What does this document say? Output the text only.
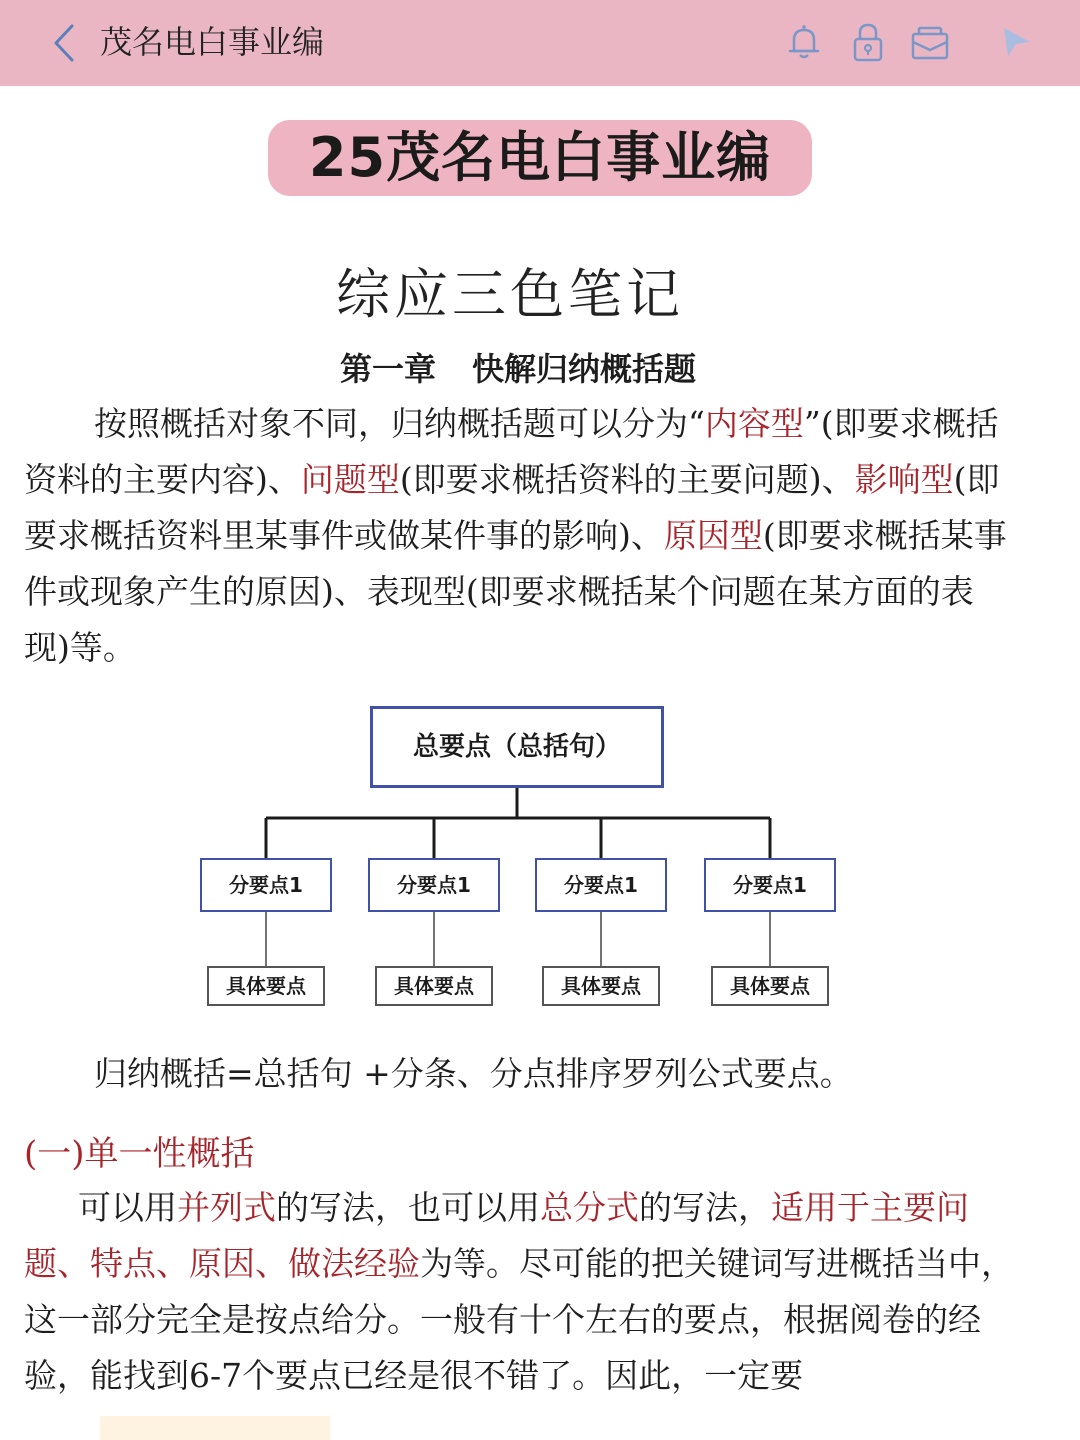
茂名电白事业编
25茂名电白事业编
综应三色笔记
第一章 快解归纳概括题
按照概括对象不同，归纳概括题可以分为“内容型”(即要求概括资料的主要内容)、问题型(即要求概括资料的主要问题)、影响型(即要求概括资料里某事件或做某件事的影响)、原因型(即要求概括某事件或现象产生的原因)、表现型(即要求概括某个问题在某方面的表现)等。
总要点（总括句）
分要点1	分要点1	分要点1	分要点1
具体要点	具体要点	具体要点	具体要点
归纳概括=总括句 +分条、分点排序罗列公式要点。
(一)单一性概括
可以用并列式的写法，也可以用总分式的写法，适用于主要问题、特点、原因、做法经验为等。尽可能的把关键词写进概括当中，这一部分完全是按点给分。一般有十个左右的要点，根据阅卷的经验，能找到6-7个要点已经是很不错了。因此，一定要
